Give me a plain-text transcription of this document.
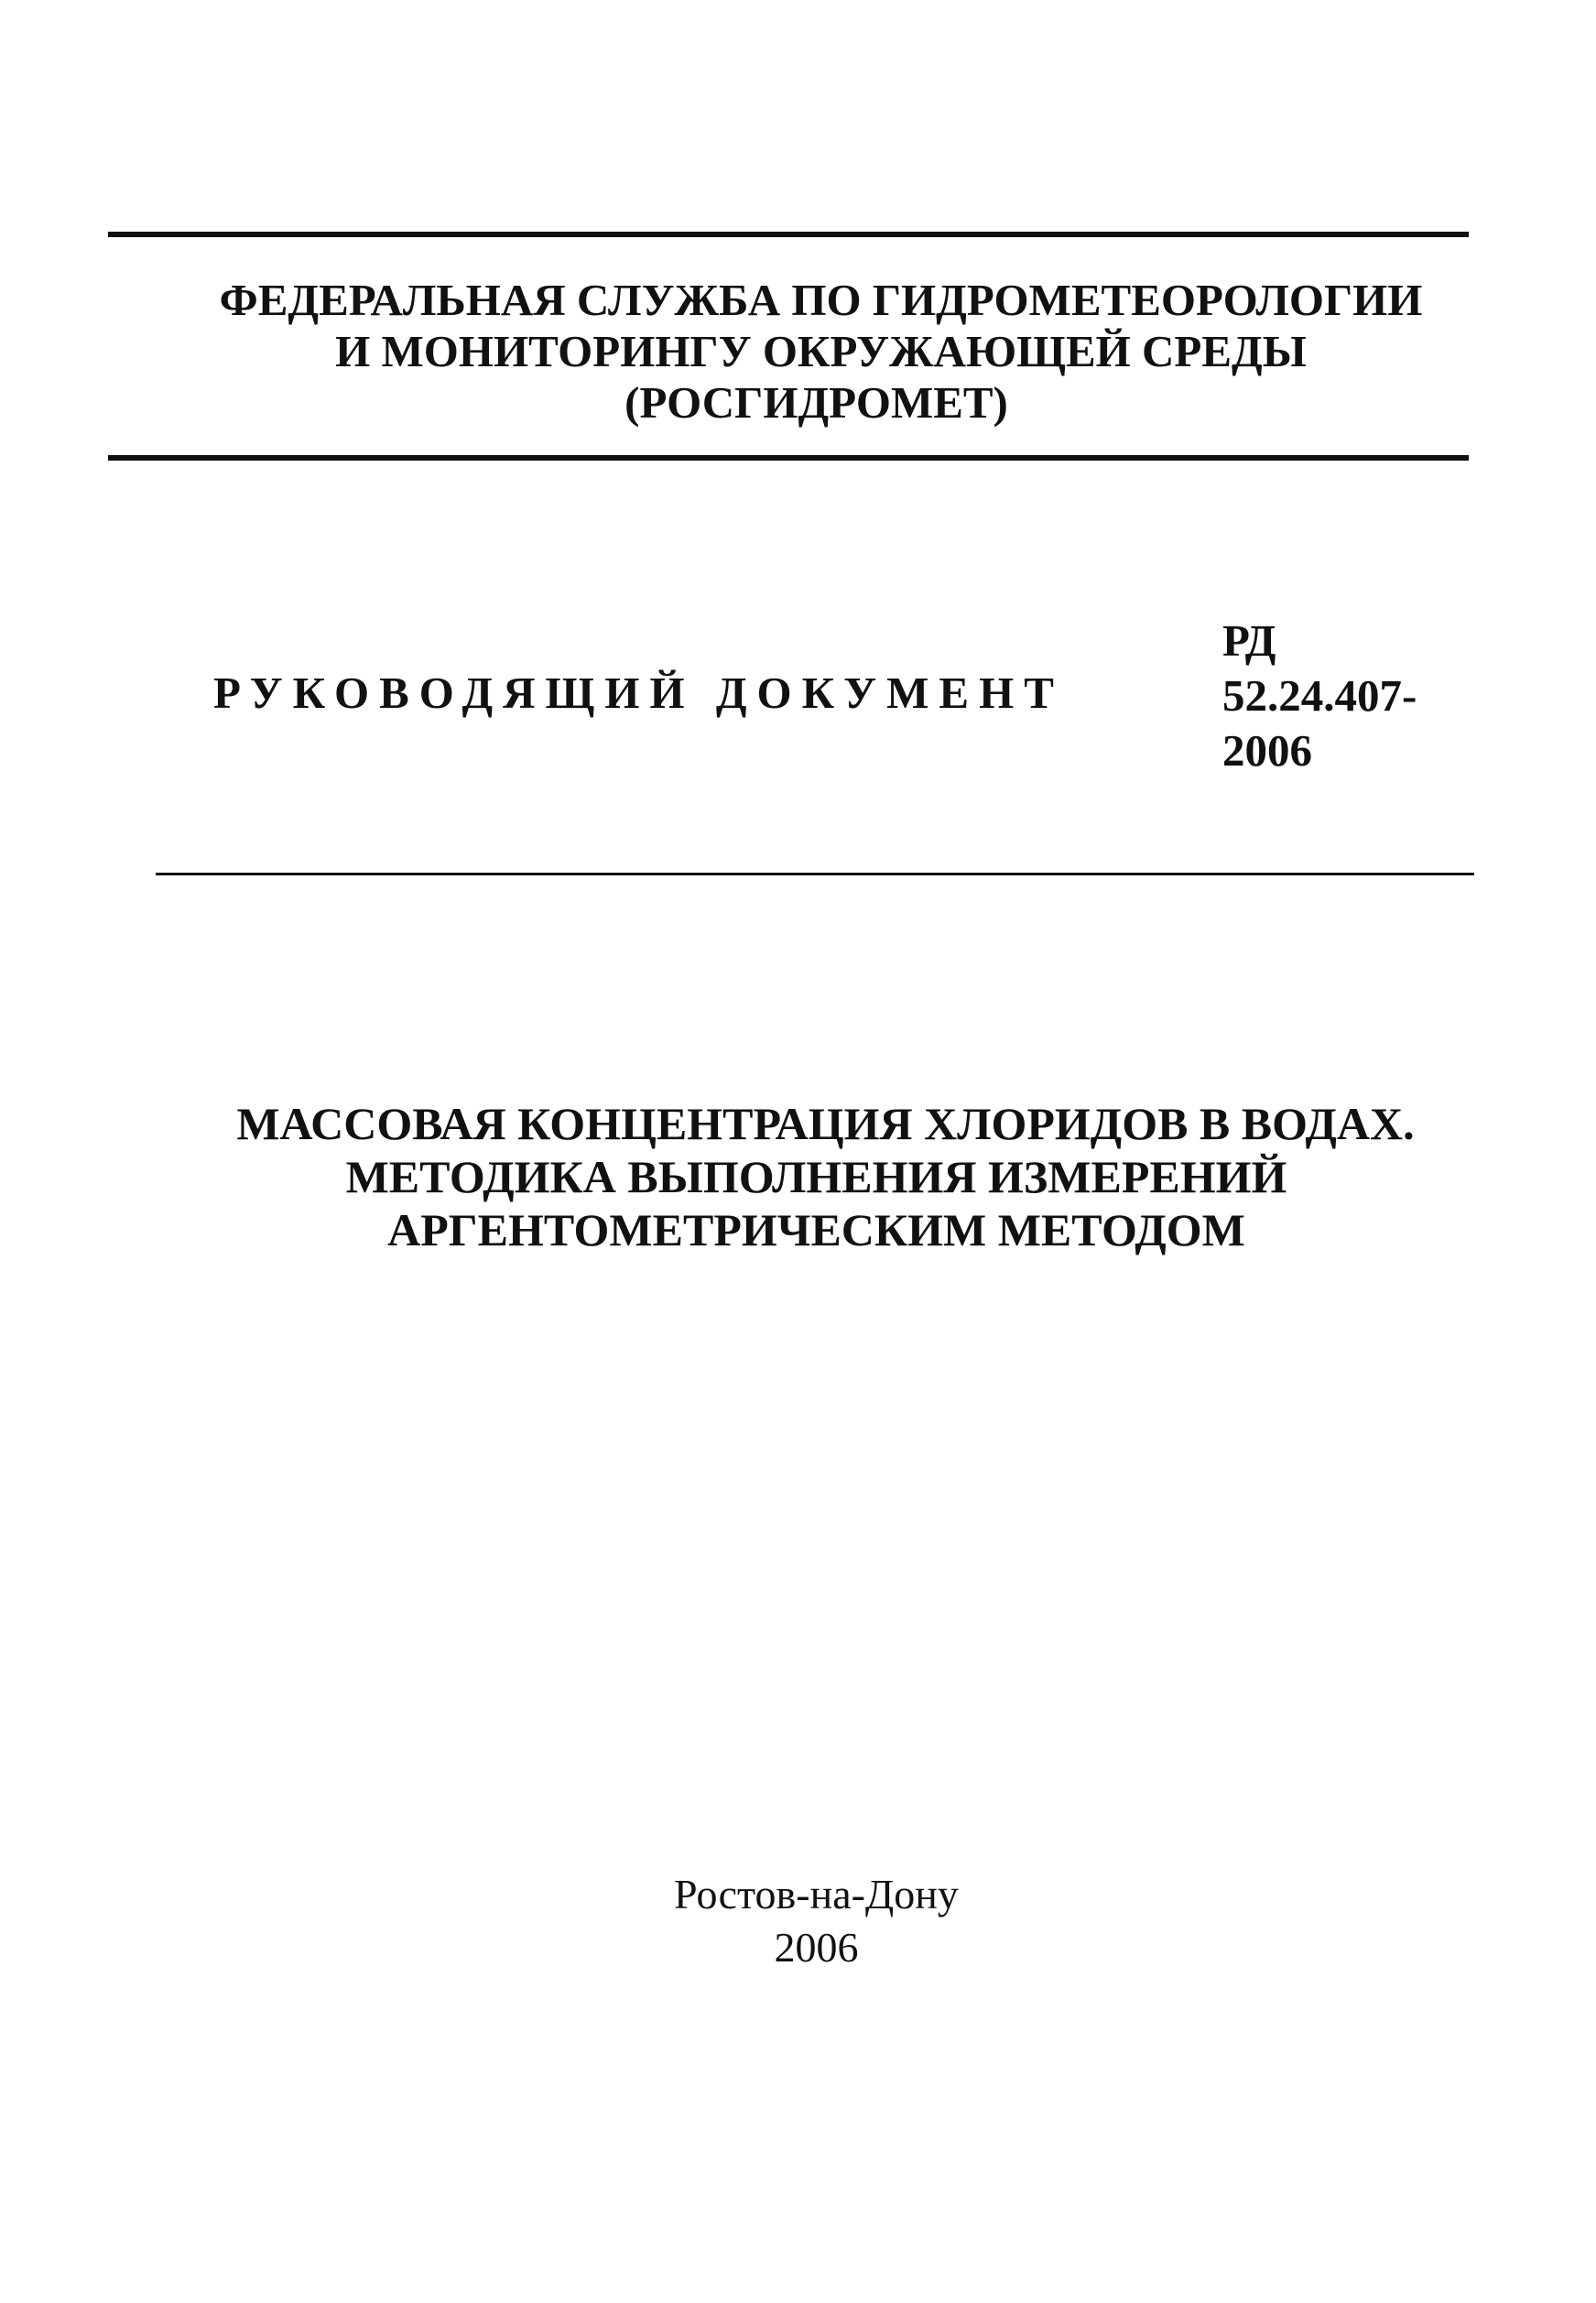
ФЕДЕРАЛЬНАЯ СЛУЖБА ПО ГИДРОМЕТЕОРОЛОГИИ
И МОНИТОРИНГУ ОКРУЖАЮЩЕЙ СРЕДЫ
(РОСГИДРОМЕТ)
РУКОВОДЯЩИЙ ДОКУМЕНТ
РД
52.24.407-
2006
МАССОВАЯ КОНЦЕНТРАЦИЯ ХЛОРИДОВ В ВОДАХ.
МЕТОДИКА ВЫПОЛНЕНИЯ ИЗМЕРЕНИЙ
АРГЕНТОМЕТРИЧЕСКИМ МЕТОДОМ
Ростов-на-Дону
2006
